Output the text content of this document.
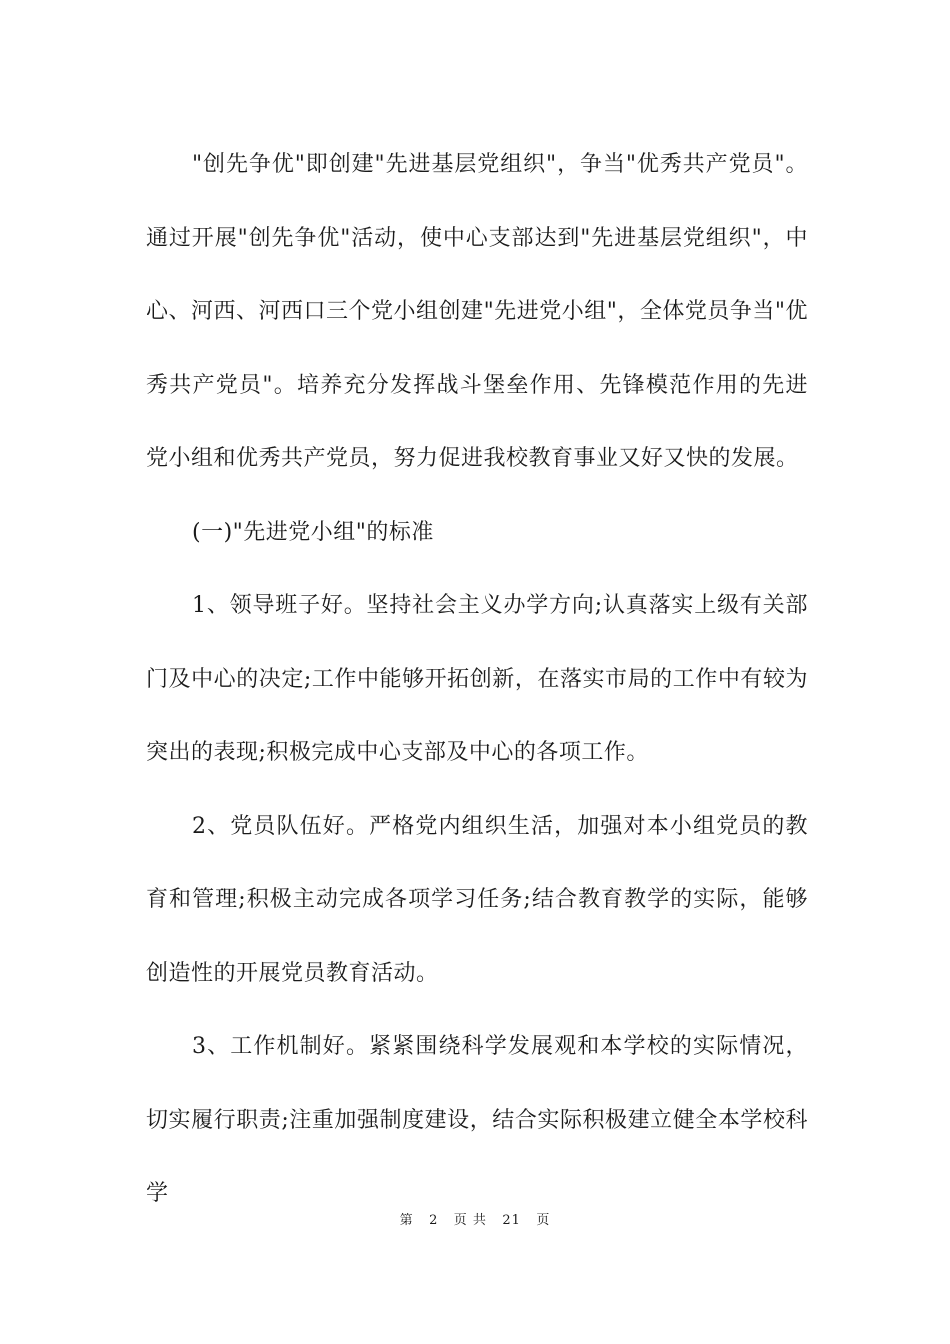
"创先争优"即创建"先进基层党组织"，争当"优秀共产党员"。通过开展"创先争优"活动，使中心支部达到"先进基层党组织"，中心、河西、河西口三个党小组创建"先进党小组"，全体党员争当"优秀共产党员"。培养充分发挥战斗堡垒作用、先锋模范作用的先进党小组和优秀共产党员，努力促进我校教育事业又好又快的发展。

(一)"先进党小组"的标准

1、领导班子好。坚持社会主义办学方向;认真落实上级有关部门及中心的决定;工作中能够开拓创新，在落实市局的工作中有较为突出的表现;积极完成中心支部及中心的各项工作。

2、党员队伍好。严格党内组织生活，加强对本小组党员的教育和管理;积极主动完成各项学习任务;结合教育教学的实际，能够创造性的开展党员教育活动。

3、工作机制好。紧紧围绕科学发展观和本学校的实际情况，切实履行职责;注重加强制度建设，结合实际积极建立健全本学校科学

第 2 页 共 21 页
